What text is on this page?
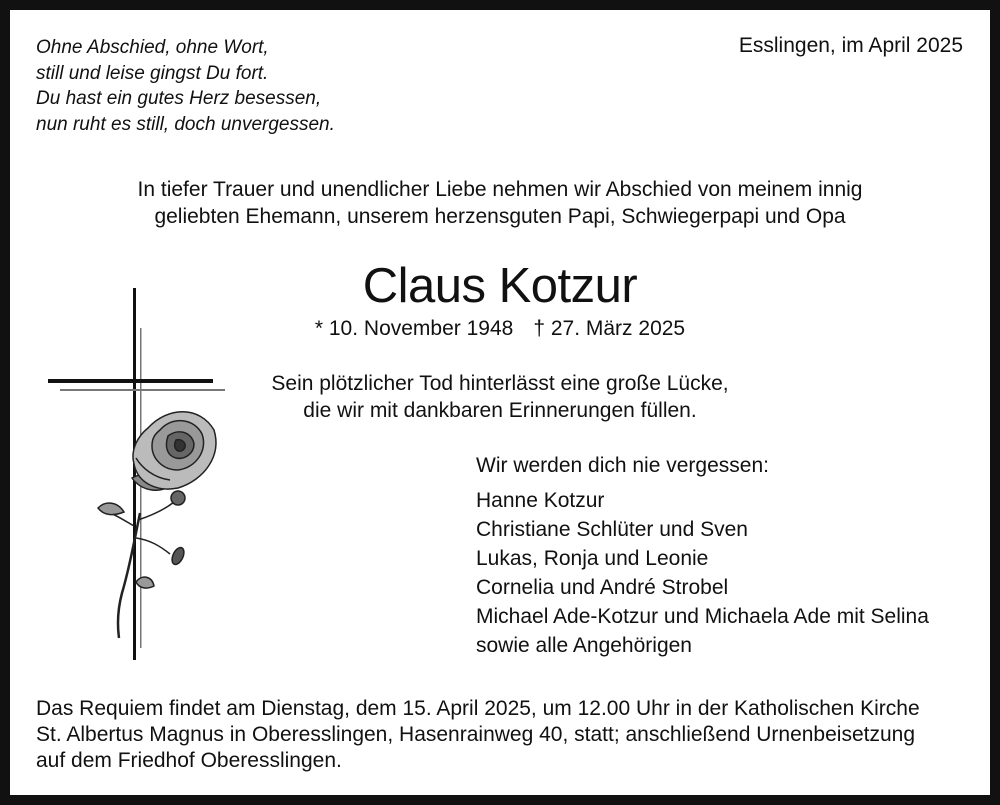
Ohne Abschied, ohne Wort,
still und leise gingst Du fort.
Du hast ein gutes Herz besessen,
nun ruht es still, doch unvergessen.
Esslingen, im April 2025
In tiefer Trauer und unendlicher Liebe nehmen wir Abschied von meinem innig
geliebten Ehemann, unserem herzensguten Papi, Schwiegerpapi und Opa
Claus Kotzur
* 10. November 1948 † 27. März 2025
Sein plötzlicher Tod hinterlässt eine große Lücke,
die wir mit dankbaren Erinnerungen füllen.
Wir werden dich nie vergessen:
Hanne Kotzur
Christiane Schlüter und Sven
Lukas, Ronja und Leonie
Cornelia und André Strobel
Michael Ade-Kotzur und Michaela Ade mit Selina
sowie alle Angehörigen
Das Requiem findet am Dienstag, dem 15. April 2025, um 12.00 Uhr in der Katholischen Kirche
St. Albertus Magnus in Oberesslingen, Hasenrainweg 40, statt; anschließend Urnenbeisetzung
auf dem Friedhof Oberesslingen.
